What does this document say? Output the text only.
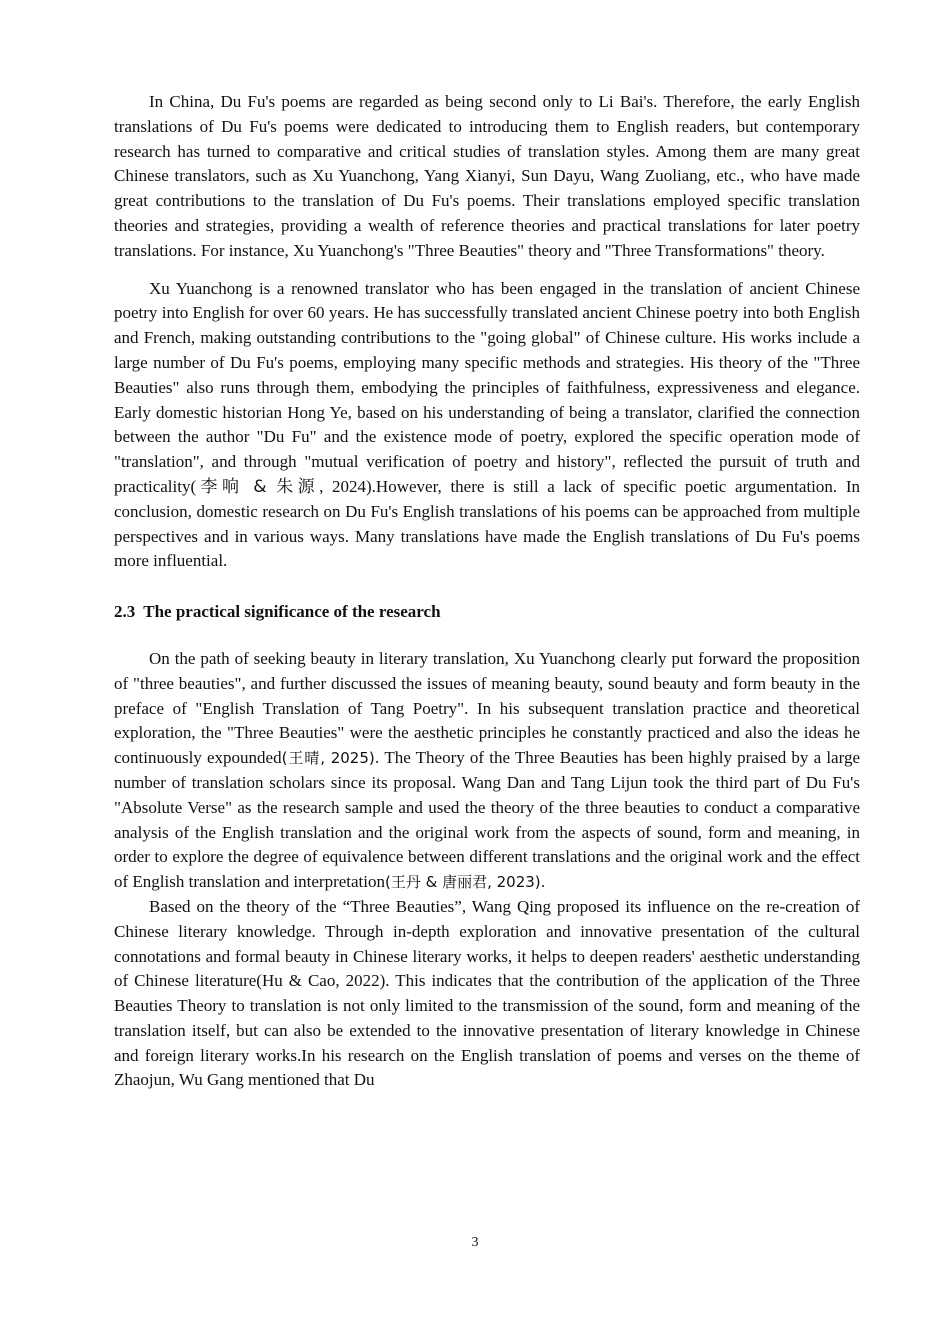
In China, Du Fu's poems are regarded as being second only to Li Bai's. Therefore, the early English translations of Du Fu's poems were dedicated to introducing them to English readers, but contemporary research has turned to comparative and critical studies of translation styles. Among them are many great Chinese translators, such as Xu Yuanchong, Yang Xianyi, Sun Dayu, Wang Zuoliang, etc., who have made great contributions to the translation of Du Fu's poems. Their translations employed specific translation theories and strategies, providing a wealth of reference theories and practical translations for later poetry translations. For instance, Xu Yuanchong's "Three Beauties" theory and "Three Transformations" theory.

Xu Yuanchong is a renowned translator who has been engaged in the translation of ancient Chinese poetry into English for over 60 years. He has successfully translated ancient Chinese poetry into both English and French, making outstanding contributions to the "going global" of Chinese culture. His works include a large number of Du Fu's poems, employing many specific methods and strategies. His theory of the "Three Beauties" also runs through them, embodying the principles of faithfulness, expressiveness and elegance. Early domestic historian Hong Ye, based on his understanding of being a translator, clarified the connection between the author "Du Fu" and the existence mode of poetry, explored the specific operation mode of "translation", and through "mutual verification of poetry and history", reflected the pursuit of truth and practicality(李响 & 朱源, 2024).However, there is still a lack of specific poetic argumentation. In conclusion, domestic research on Du Fu's English translations of his poems can be approached from multiple perspectives and in various ways. Many translations have made the English translations of Du Fu's poems more influential.

2.3 The practical significance of the research

On the path of seeking beauty in literary translation, Xu Yuanchong clearly put forward the proposition of "three beauties", and further discussed the issues of meaning beauty, sound beauty and form beauty in the preface of "English Translation of Tang Poetry". In his subsequent translation practice and theoretical exploration, the "Three Beauties" were the aesthetic principles he constantly practiced and also the ideas he continuously expounded(王晴, 2025). The Theory of the Three Beauties has been highly praised by a large number of translation scholars since its proposal. Wang Dan and Tang Lijun took the third part of Du Fu's "Absolute Verse" as the research sample and used the theory of the three beauties to conduct a comparative analysis of the English translation and the original work from the aspects of sound, form and meaning, in order to explore the degree of equivalence between different translations and the original work and the effect of English translation and interpretation(王丹 & 唐丽君, 2023).

Based on the theory of the “Three Beauties”, Wang Qing proposed its influence on the re-creation of Chinese literary knowledge. Through in-depth exploration and innovative presentation of the cultural connotations and formal beauty in Chinese literary works, it helps to deepen readers' aesthetic understanding of Chinese literature(Hu & Cao, 2022). This indicates that the contribution of the application of the Three Beauties Theory to translation is not only limited to the transmission of the sound, form and meaning of the translation itself, but can also be extended to the innovative presentation of literary knowledge in Chinese and foreign literary works.In his research on the English translation of poems and verses on the theme of Zhaojun, Wu Gang mentioned that Du

3
